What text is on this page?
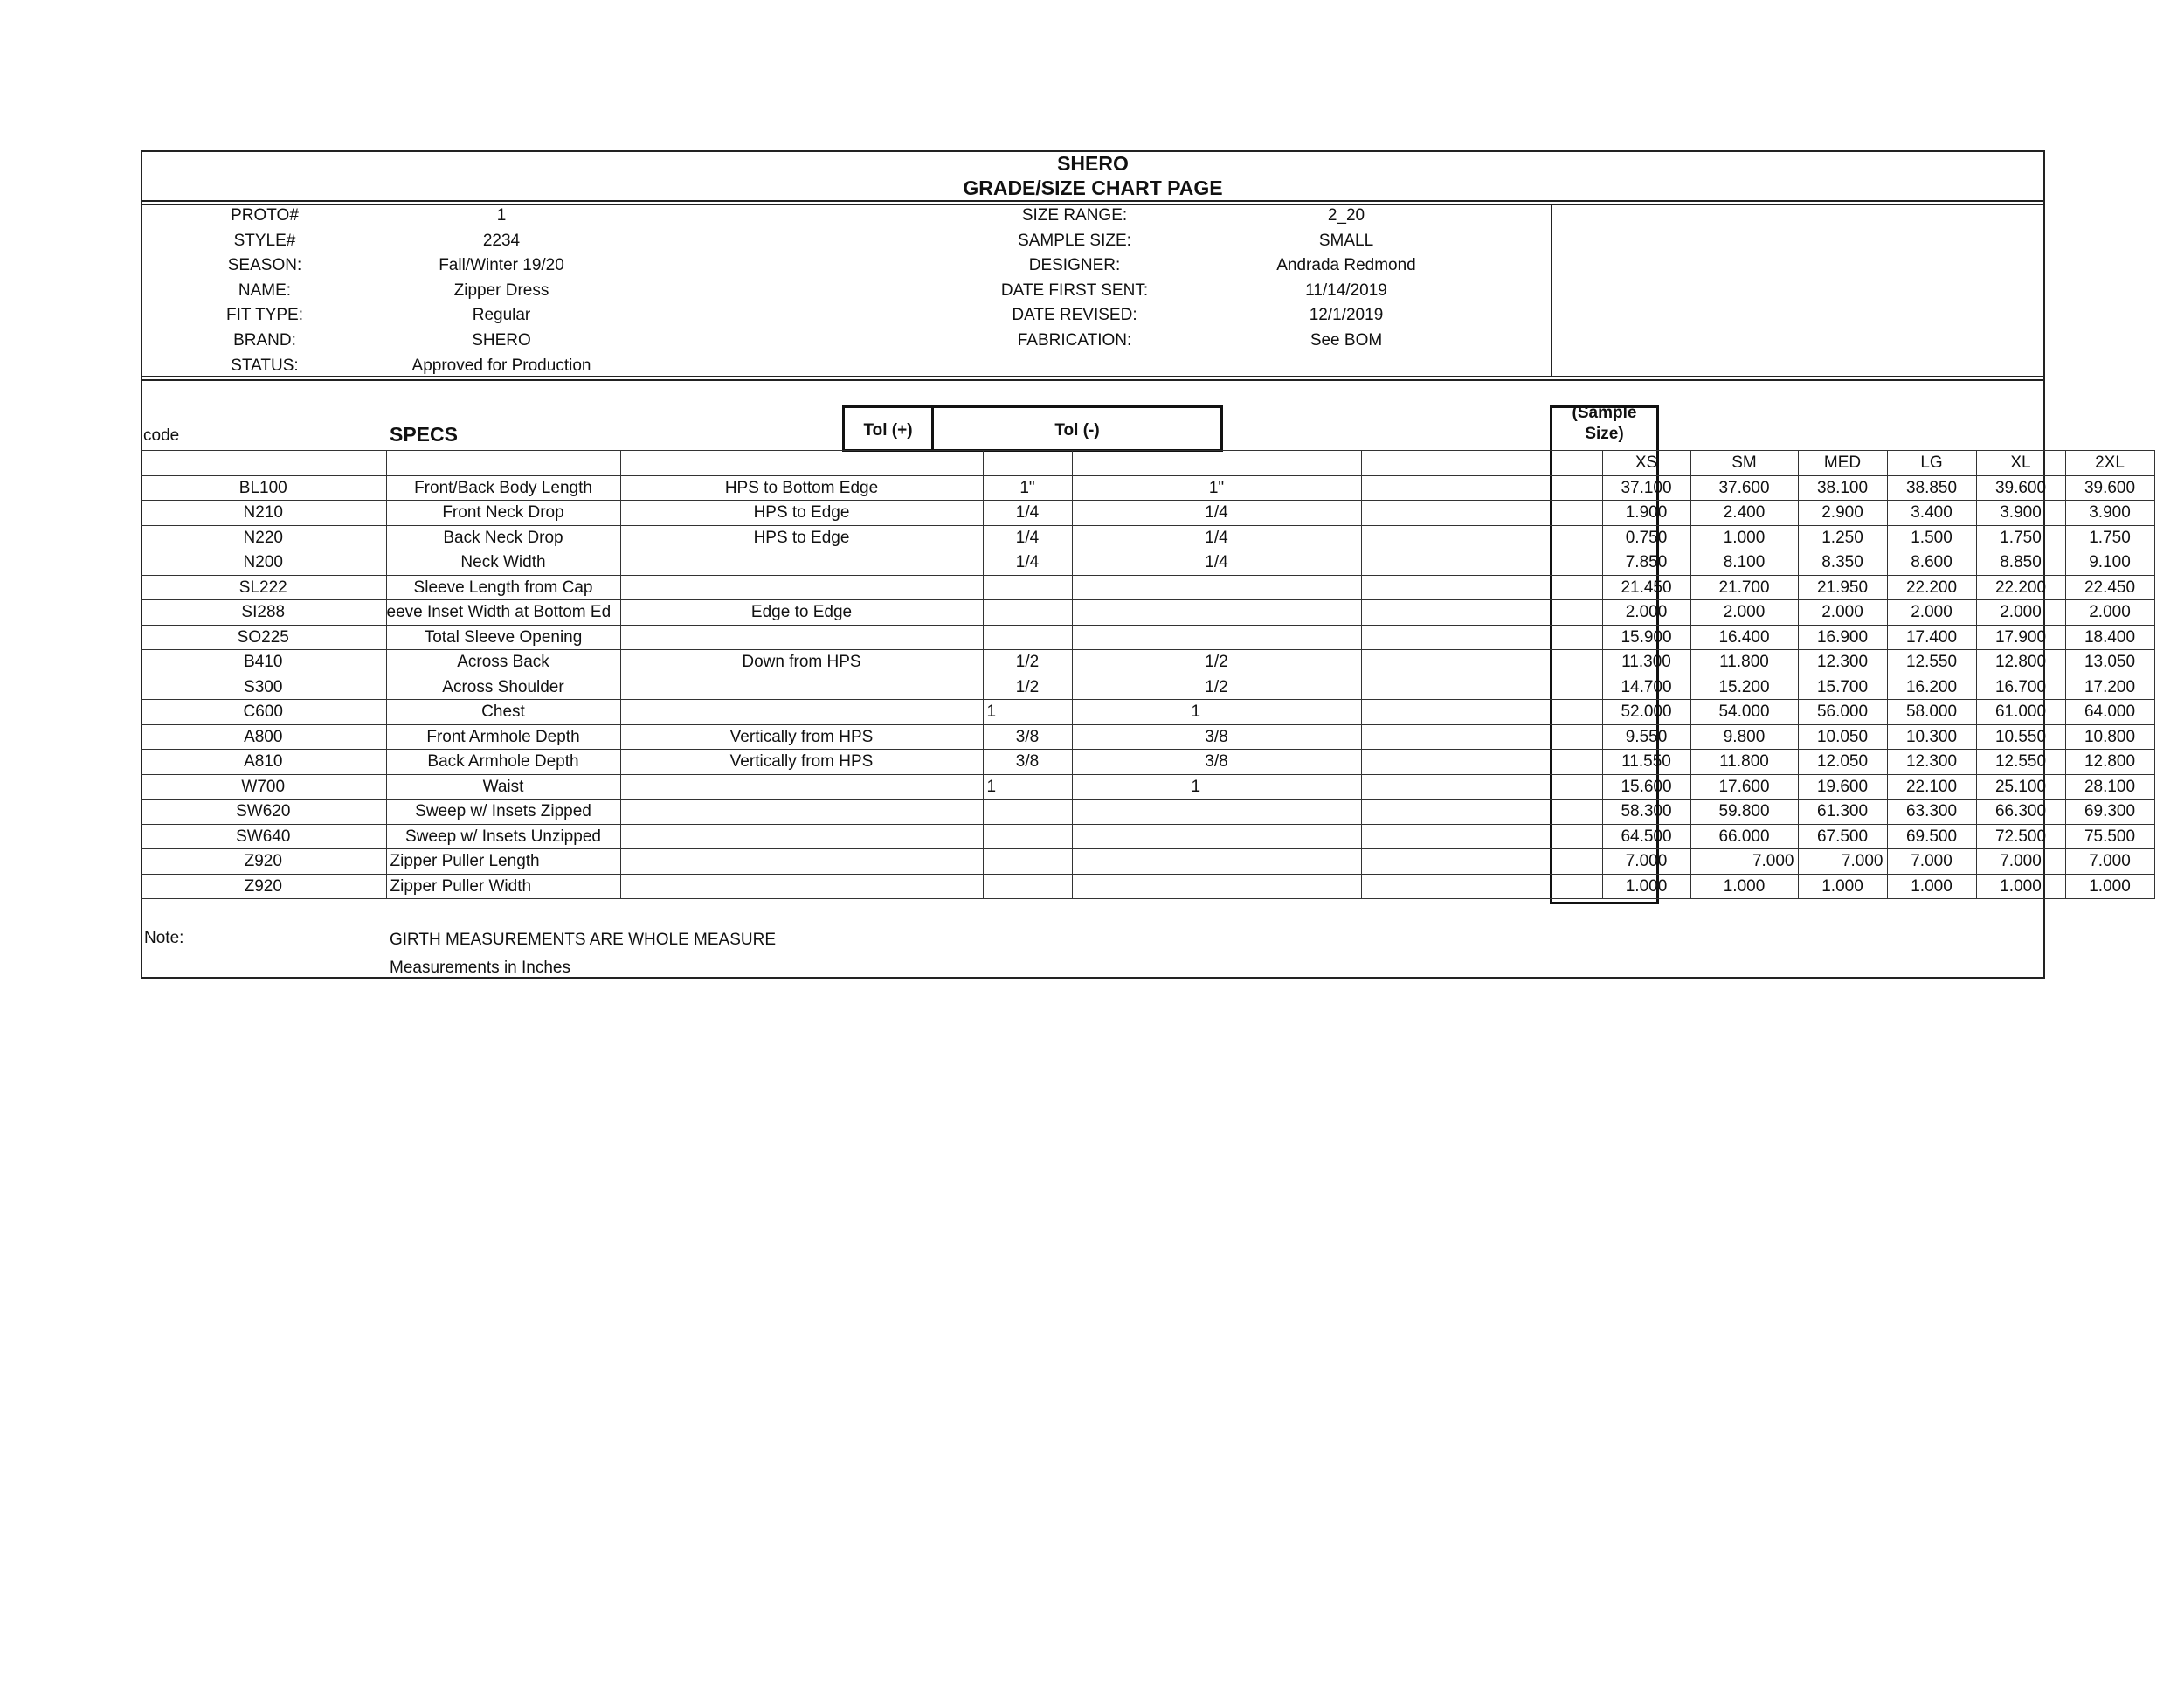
SHERO
GRADE/SIZE CHART PAGE
PROTO#	1
STYLE#	2234
SEASON:	Fall/Winter 19/20
NAME:	Zipper Dress
FIT TYPE:	Regular
BRAND:	SHERO
STATUS:	Approved for Production
SIZE RANGE:	2_20
SAMPLE SIZE:	SMALL
DESIGNER:	Andrada Redmond
DATE FIRST SENT:	11/14/2019
DATE REVISED:	12/1/2019
FABRICATION:	See BOM
code	SPECS	Tol (+)	Tol (-)
(Sample
Size)
						XS	SM	MED	LG	XL	2XL
BL100	Front/Back Body Length	HPS to Bottom Edge	1"	1"		37.100	37.600	38.100	38.850	39.600	39.600
N210	Front Neck Drop	HPS to Edge	1/4	1/4		1.900	2.400	2.900	3.400	3.900	3.900
N220	Back Neck Drop	HPS to Edge	1/4	1/4		0.750	1.000	1.250	1.500	1.750	1.750
N200	Neck Width		1/4	1/4		7.850	8.100	8.350	8.600	8.850	9.100
SL222	Sleeve Length from Cap					21.450	21.700	21.950	22.200	22.200	22.450
SI288	eeve Inset Width at Bottom Ed	Edge to Edge				2.000	2.000	2.000	2.000	2.000	2.000
SO225	Total Sleeve Opening					15.900	16.400	16.900	17.400	17.900	18.400
B410	Across Back	Down from HPS	1/2	1/2		11.300	11.800	12.300	12.550	12.800	13.050
S300	Across Shoulder		1/2	1/2		14.700	15.200	15.700	16.200	16.700	17.200
C600	Chest		1	1		52.000	54.000	56.000	58.000	61.000	64.000
A800	Front Armhole Depth	Vertically from HPS	3/8	3/8		9.550	9.800	10.050	10.300	10.550	10.800
A810	Back Armhole Depth	Vertically from HPS	3/8	3/8		11.550	11.800	12.050	12.300	12.550	12.800
W700	Waist		1	1		15.600	17.600	19.600	22.100	25.100	28.100
SW620	Sweep w/ Insets Zipped					58.300	59.800	61.300	63.300	66.300	69.300
SW640	Sweep w/ Insets Unzipped					64.500	66.000	67.500	69.500	72.500	75.500
Z920	Zipper Puller Length					7.000	7.000	7.000	7.000	7.000	7.000
Z920	Zipper Puller Width					1.000	1.000	1.000	1.000	1.000	1.000
Note:	GIRTH MEASUREMENTS ARE WHOLE MEASURE
Measurements in Inches
